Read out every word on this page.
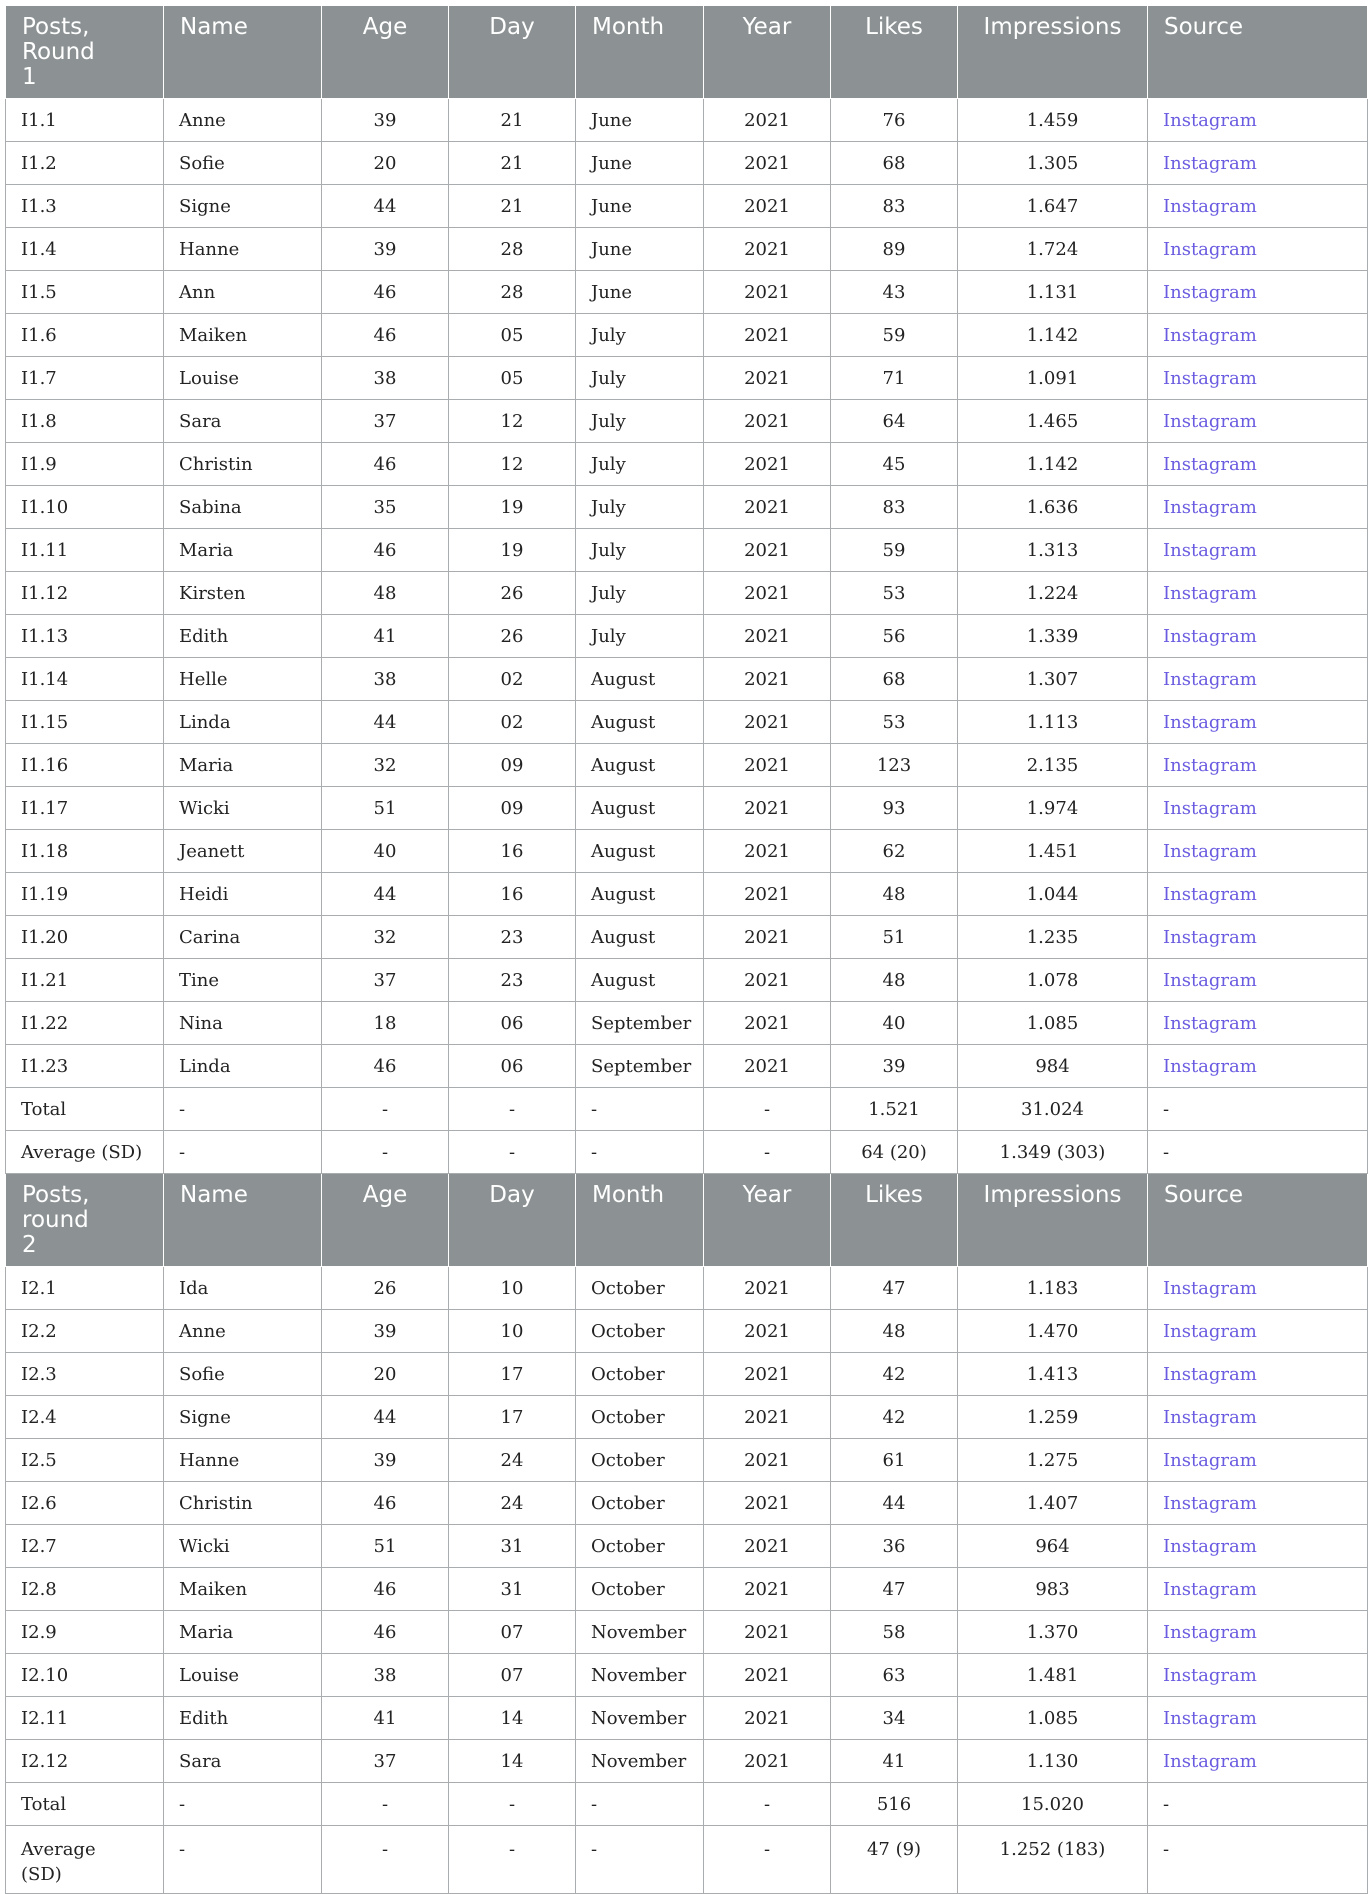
Posts, Round 1	Name	Age	Day	Month	Year	Likes	Impressions	Source
I1.1	Anne	39	21	June	2021	76	1.459	Instagram
I1.2	Sofie	20	21	June	2021	68	1.305	Instagram
I1.3	Signe	44	21	June	2021	83	1.647	Instagram
I1.4	Hanne	39	28	June	2021	89	1.724	Instagram
I1.5	Ann	46	28	June	2021	43	1.131	Instagram
I1.6	Maiken	46	05	July	2021	59	1.142	Instagram
I1.7	Louise	38	05	July	2021	71	1.091	Instagram
I1.8	Sara	37	12	July	2021	64	1.465	Instagram
I1.9	Christin	46	12	July	2021	45	1.142	Instagram
I1.10	Sabina	35	19	July	2021	83	1.636	Instagram
I1.11	Maria	46	19	July	2021	59	1.313	Instagram
I1.12	Kirsten	48	26	July	2021	53	1.224	Instagram
I1.13	Edith	41	26	July	2021	56	1.339	Instagram
I1.14	Helle	38	02	August	2021	68	1.307	Instagram
I1.15	Linda	44	02	August	2021	53	1.113	Instagram
I1.16	Maria	32	09	August	2021	123	2.135	Instagram
I1.17	Wicki	51	09	August	2021	93	1.974	Instagram
I1.18	Jeanett	40	16	August	2021	62	1.451	Instagram
I1.19	Heidi	44	16	August	2021	48	1.044	Instagram
I1.20	Carina	32	23	August	2021	51	1.235	Instagram
I1.21	Tine	37	23	August	2021	48	1.078	Instagram
I1.22	Nina	18	06	September	2021	40	1.085	Instagram
I1.23	Linda	46	06	September	2021	39	984	Instagram
Total	-	-	-	-	-	1.521	31.024	-
Average (SD)	-	-	-	-	-	64 (20)	1.349 (303)	-
Posts, round 2	Name	Age	Day	Month	Year	Likes	Impressions	Source
I2.1	Ida	26	10	October	2021	47	1.183	Instagram
I2.2	Anne	39	10	October	2021	48	1.470	Instagram
I2.3	Sofie	20	17	October	2021	42	1.413	Instagram
I2.4	Signe	44	17	October	2021	42	1.259	Instagram
I2.5	Hanne	39	24	October	2021	61	1.275	Instagram
I2.6	Christin	46	24	October	2021	44	1.407	Instagram
I2.7	Wicki	51	31	October	2021	36	964	Instagram
I2.8	Maiken	46	31	October	2021	47	983	Instagram
I2.9	Maria	46	07	November	2021	58	1.370	Instagram
I2.10	Louise	38	07	November	2021	63	1.481	Instagram
I2.11	Edith	41	14	November	2021	34	1.085	Instagram
I2.12	Sara	37	14	November	2021	41	1.130	Instagram
Total	-	-	-	-	-	516	15.020	-
Average (SD)	-	-	-	-	-	47 (9)	1.252 (183)	-
